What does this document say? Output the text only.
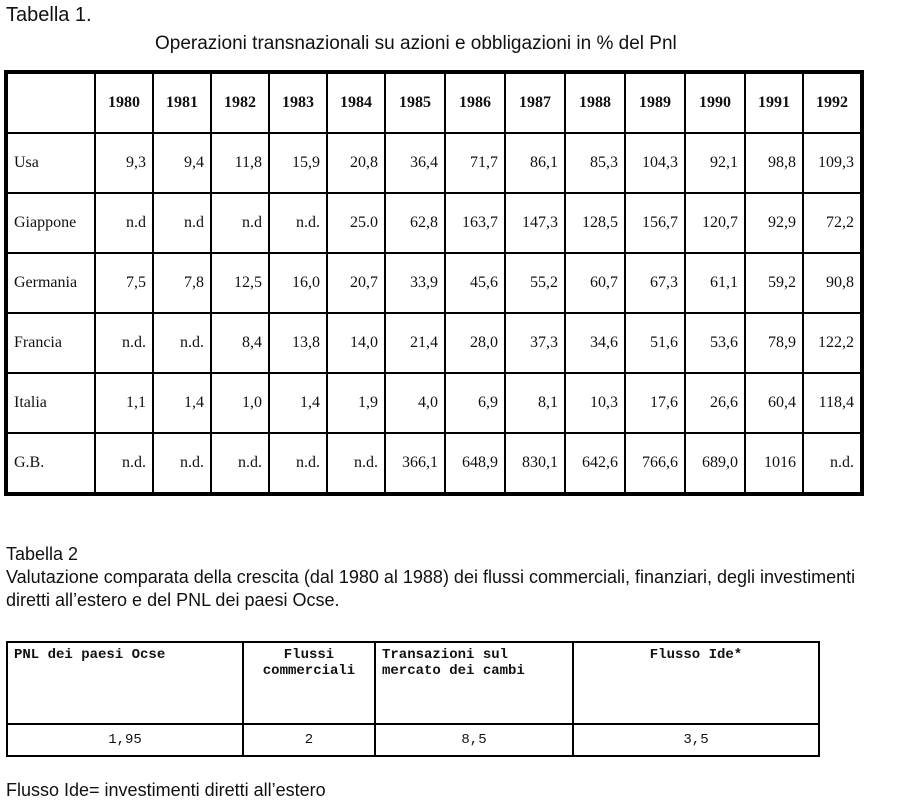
Tabella 1.
Operazioni transnazionali su azioni e obbligazioni in % del Pnl
	1980	1981	1982	1983	1984	1985	1986	1987	1988	1989	1990	1991	1992
Usa	9,3	9,4	11,8	15,9	20,8	36,4	71,7	86,1	85,3	104,3	92,1	98,8	109,3
Giappone	n.d	n.d	n.d	n.d.	25.0	62,8	163,7	147,3	128,5	156,7	120,7	92,9	72,2
Germania	7,5	7,8	12,5	16,0	20,7	33,9	45,6	55,2	60,7	67,3	61,1	59,2	90,8
Francia	n.d.	n.d.	8,4	13,8	14,0	21,4	28,0	37,3	34,6	51,6	53,6	78,9	122,2
Italia	1,1	1,4	1,0	1,4	1,9	4,0	6,9	8,1	10,3	17,6	26,6	60,4	118,4
G.B.	n.d.	n.d.	n.d.	n.d.	n.d.	366,1	648,9	830,1	642,6	766,6	689,0	1016	n.d.
Tabella 2
Valutazione comparata della crescita (dal 1980 al 1988) dei flussi commerciali, finanziari, degli investimenti diretti all’estero e del PNL dei paesi Ocse.
PNL dei paesi Ocse	Flussi commerciali	Transazioni sul mercato dei cambi	Flusso Ide*
1,95	2	8,5	3,5
Flusso Ide= investimenti diretti all’estero
